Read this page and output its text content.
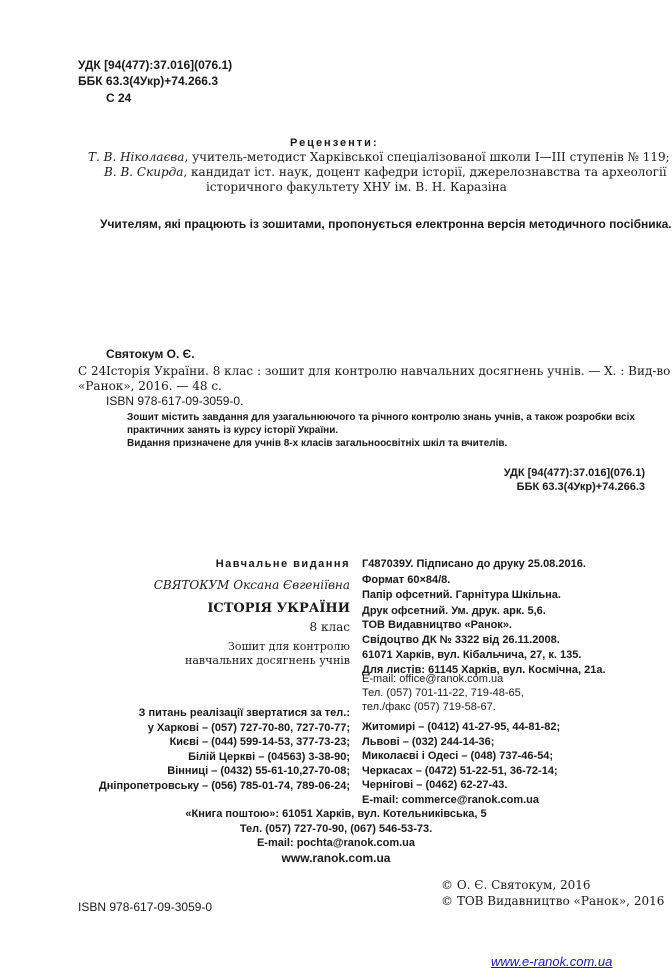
УДК [94(477):37.016](076.1)
ББК 63.3(4Укр)+74.266.3
С 24
Рецензенти:
Т. В. Ніколаєва, учитель-методист Харківської спеціалізованої школи І—ІІІ ступенів № 119;
В. В. Скирда, кандидат іст. наук, доцент кафедри історії, джерелознавства та археології
історичного факультету ХНУ ім. В. Н. Каразіна
Учителям, які працюють із зошитами, пропонується електронна версія методичного посібника.
Святокум О. Є.
С 24 Історія України. 8 клас : зошит для контролю навчальних досягнень учнів. — Х. : Вид-во
«Ранок», 2016. — 48 с.
ISBN 978-617-09-3059-0.
Зошит містить завдання для узагальнюючого та річного контролю знань учнів, а також розробки всіх
практичних занять із курсу історії України.
Видання призначене для учнів 8-х класів загальноосвітніх шкіл та вчителів.
УДК [94(477):37.016](076.1)
ББК 63.3(4Укр)+74.266.3
Навчальне видання
СВЯТОКУМ Оксана Євгеніївна
ІСТОРІЯ УКРАЇНИ
8 клас
Зошит для контролю
навчальних досягнень учнів
Г487039У. Підписано до друку 25.08.2016.
Формат 60×84/8.
Папір офсетний. Гарнітура Шкільна.
Друк офсетний. Ум. друк. арк. 5,6.
ТОВ Видавництво «Ранок».
Свідоцтво ДК № 3322 від 26.11.2008.
61071 Харків, вул. Кібальчича, 27, к. 135.
Для листів: 61145 Харків, вул. Космічна, 21а.
E-mail: office@ranok.com.ua
Тел. (057) 701-11-22, 719-48-65,
тел./факс (057) 719-58-67.
З питань реалізації звертатися за тел.:
у Харкові – (057) 727-70-80, 727-70-77;
Києві – (044) 599-14-53, 377-73-23;
Білій Церкві – (04563) 3-38-90;
Вінниці – (0432) 55-61-10,27-70-08;
Дніпропетровську – (056) 785-01-74, 789-06-24;
Житомирі – (0412) 41-27-95, 44-81-82;
Львові – (032) 244-14-36;
Миколаєві і Одесі – (048) 737-46-54;
Черкасах – (0472) 51-22-51, 36-72-14;
Чернігові – (0462) 62-27-43.
E-mail: commerce@ranok.com.ua
«Книга поштою»: 61051 Харків, вул. Котельниківська, 5
Тел. (057) 727-70-90, (067) 546-53-73.
E-mail: pochta@ranok.com.ua
www.ranok.com.ua
ISBN 978-617-09-3059-0
© О. Є. Святокум, 2016
© ТОВ Видавництво «Ранок», 2016
www.e-ranok.com.ua
